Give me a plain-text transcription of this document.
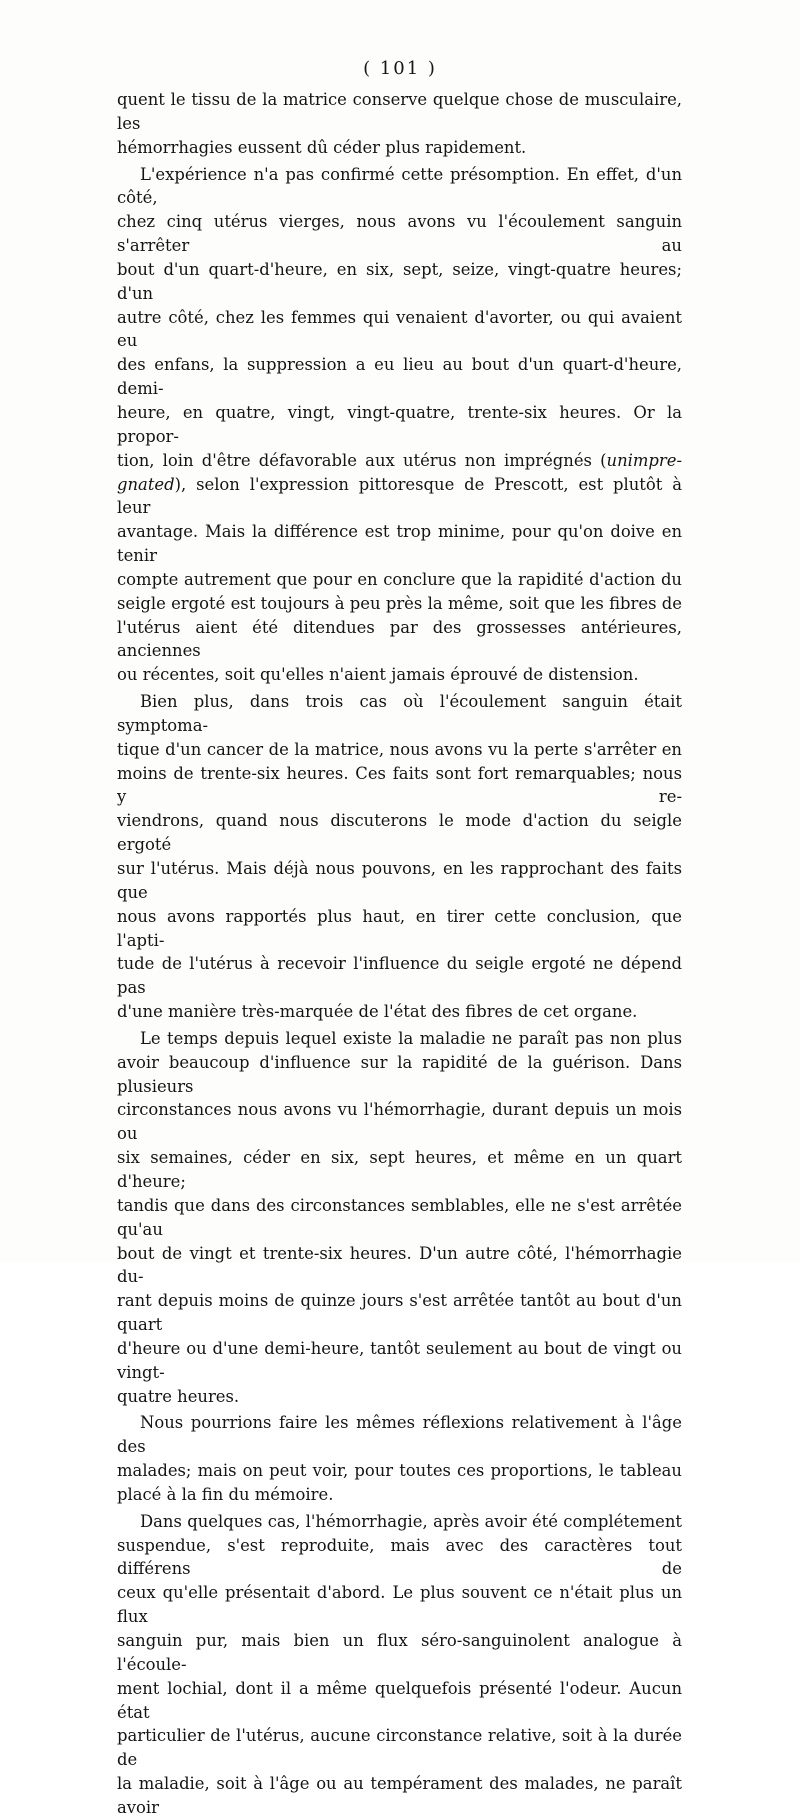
( 101 )
quent le tissu de la matrice conserve quelque chose de musculaire, les
hémorrhagies eussent dû céder plus rapidement.
L'expérience n'a pas confirmé cette présomption. En effet, d'un côté,
chez cinq utérus vierges, nous avons vu l'écoulement sanguin s'arrêter au
bout d'un quart-d'heure, en six, sept, seize, vingt-quatre heures; d'un
autre côté, chez les femmes qui venaient d'avorter, ou qui avaient eu
des enfans, la suppression a eu lieu au bout d'un quart-d'heure, demi-
heure, en quatre, vingt, vingt-quatre, trente-six heures. Or la propor-
tion, loin d'être défavorable aux utérus non imprégnés (unimpre-
gnated), selon l'expression pittoresque de Prescott, est plutôt à leur
avantage. Mais la différence est trop minime, pour qu'on doive en tenir
compte autrement que pour en conclure que la rapidité d'action du
seigle ergoté est toujours à peu près la même, soit que les fibres de
l'utérus aient été ditendues par des grossesses antérieures, anciennes
ou récentes, soit qu'elles n'aient jamais éprouvé de distension.
Bien plus, dans trois cas où l'écoulement sanguin était symptoma-
tique d'un cancer de la matrice, nous avons vu la perte s'arrêter en
moins de trente-six heures. Ces faits sont fort remarquables; nous y re-
viendrons, quand nous discuterons le mode d'action du seigle ergoté
sur l'utérus. Mais déjà nous pouvons, en les rapprochant des faits que
nous avons rapportés plus haut, en tirer cette conclusion, que l'apti-
tude de l'utérus à recevoir l'influence du seigle ergoté ne dépend pas
d'une manière très-marquée de l'état des fibres de cet organe.
Le temps depuis lequel existe la maladie ne paraît pas non plus
avoir beaucoup d'influence sur la rapidité de la guérison. Dans plusieurs
circonstances nous avons vu l'hémorrhagie, durant depuis un mois ou
six semaines, céder en six, sept heures, et même en un quart d'heure;
tandis que dans des circonstances semblables, elle ne s'est arrêtée qu'au
bout de vingt et trente-six heures. D'un autre côté, l'hémorrhagie du-
rant depuis moins de quinze jours s'est arrêtée tantôt au bout d'un quart
d'heure ou d'une demi-heure, tantôt seulement au bout de vingt ou vingt-
quatre heures.
Nous pourrions faire les mêmes réflexions relativement à l'âge des
malades; mais on peut voir, pour toutes ces proportions, le tableau
placé à la fin du mémoire.
Dans quelques cas, l'hémorrhagie, après avoir été complétement
suspendue, s'est reproduite, mais avec des caractères tout différens de
ceux qu'elle présentait d'abord. Le plus souvent ce n'était plus un flux
sanguin pur, mais bien un flux séro-sanguinolent analogue à l'écoule-
ment lochial, dont il a même quelquefois présenté l'odeur. Aucun état
particulier de l'utérus, aucune circonstance relative, soit à la durée de
la maladie, soit à l'âge ou au tempérament des malades, ne paraît avoir
